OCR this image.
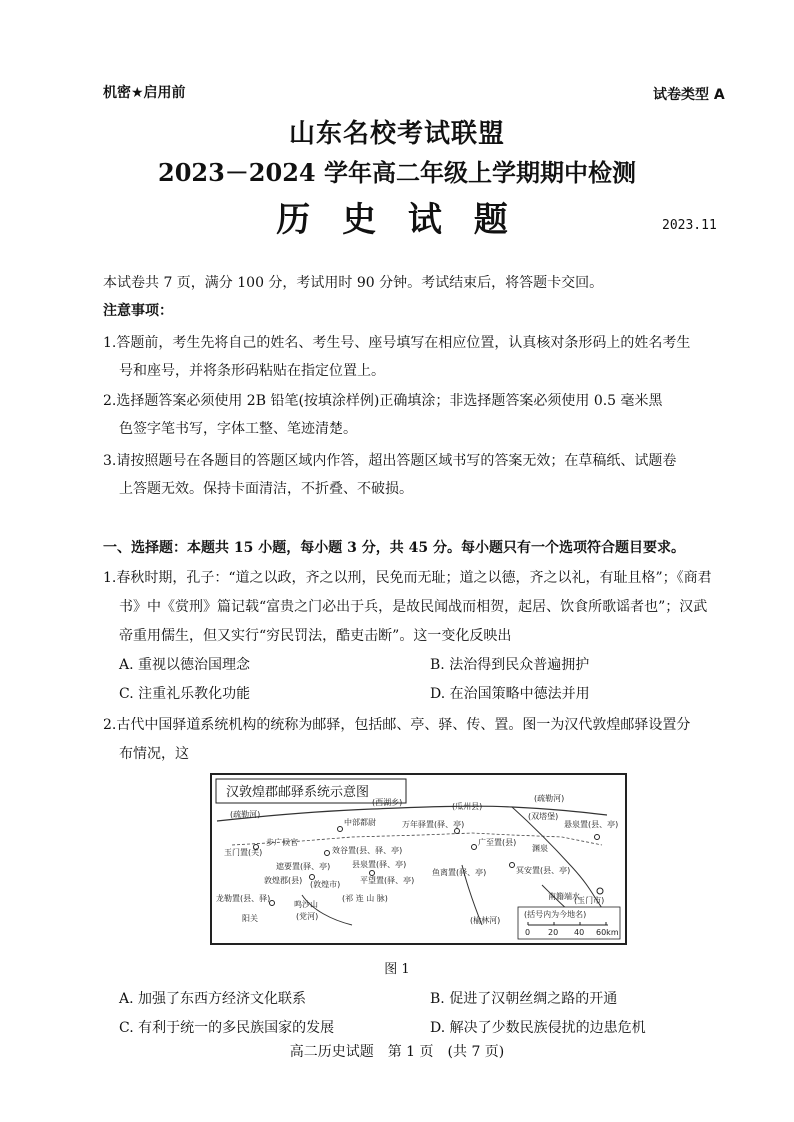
机密★启用前	试卷类型 A
山东名校考试联盟
2023－2024 学年高二年级上学期期中检测
历 史 试 题	2023.11
本试卷共 7 页，满分 100 分，考试用时 90 分钟。考试结束后，将答题卡交回。
注意事项：
1.答题前，考生先将自己的姓名、考生号、座号填写在相应位置，认真核对条形码上的姓名考生
号和座号，并将条形码粘贴在指定位置上。
2.选择题答案必须使用 2B 铅笔(按填涂样例)正确填涂；非选择题答案必须使用 0.5 毫米黑
色签字笔书写，字体工整、笔迹清楚。
3.请按照题号在各题目的答题区域内作答，超出答题区域书写的答案无效；在草稿纸、试题卷
上答题无效。保持卡面清洁，不折叠、不破损。
一、选择题：本题共 15 小题，每小题 3 分，共 45 分。每小题只有一个选项符合题目要求。
1.春秋时期，孔子：“道之以政，齐之以刑，民免而无耻；道之以德，齐之以礼，有耻且格”；《商君
书》中《赏刑》篇记载“富贵之门必出于兵，是故民闻战而相贺，起居、饮食所歌谣者也”；汉武
帝重用儒生，但又实行“穷民罚法，酷吏击断”。这一变化反映出
A. 重视以德治国理念	B. 法治得到民众普遍拥护
C. 注重礼乐教化功能	D. 在治国策略中德法并用
2.古代中国驿道系统机构的统称为邮驿，包括邮、亭、驿、传、置。图一为汉代敦煌邮驿设置分
布情况，这
汉敦煌郡邮驿系统示意图
(疏勒河)
(西湖乡)
中部都尉	万年驿置(驿、亭)
(瓜州县)
(疏勒河)
(双塔堡)
悬泉置(县、亭)
玉门置(关)
步广候官
鱼离置(驿、亭)
广至置(县)
渊泉
冥安置(县、亭)
(玉门市)
效谷置(县、驿、亭)
遮要置(驿、亭)
敦煌郡(县) (敦煌市)
县泉置(驿、亭)
平望置(驿、亭)
龙勒置(县、驿)
阳关
鸣沙山
(党河)
(祁 连 山 脉)
(榆林河)
南籍端水
(括号内为今地名)
0 20 40 60km
图 1
A. 加强了东西方经济文化联系	B. 促进了汉朝丝绸之路的开通
C. 有利于统一的多民族国家的发展	D. 解决了少数民族侵扰的边患危机
高二历史试题　第 1 页　(共 7 页)
